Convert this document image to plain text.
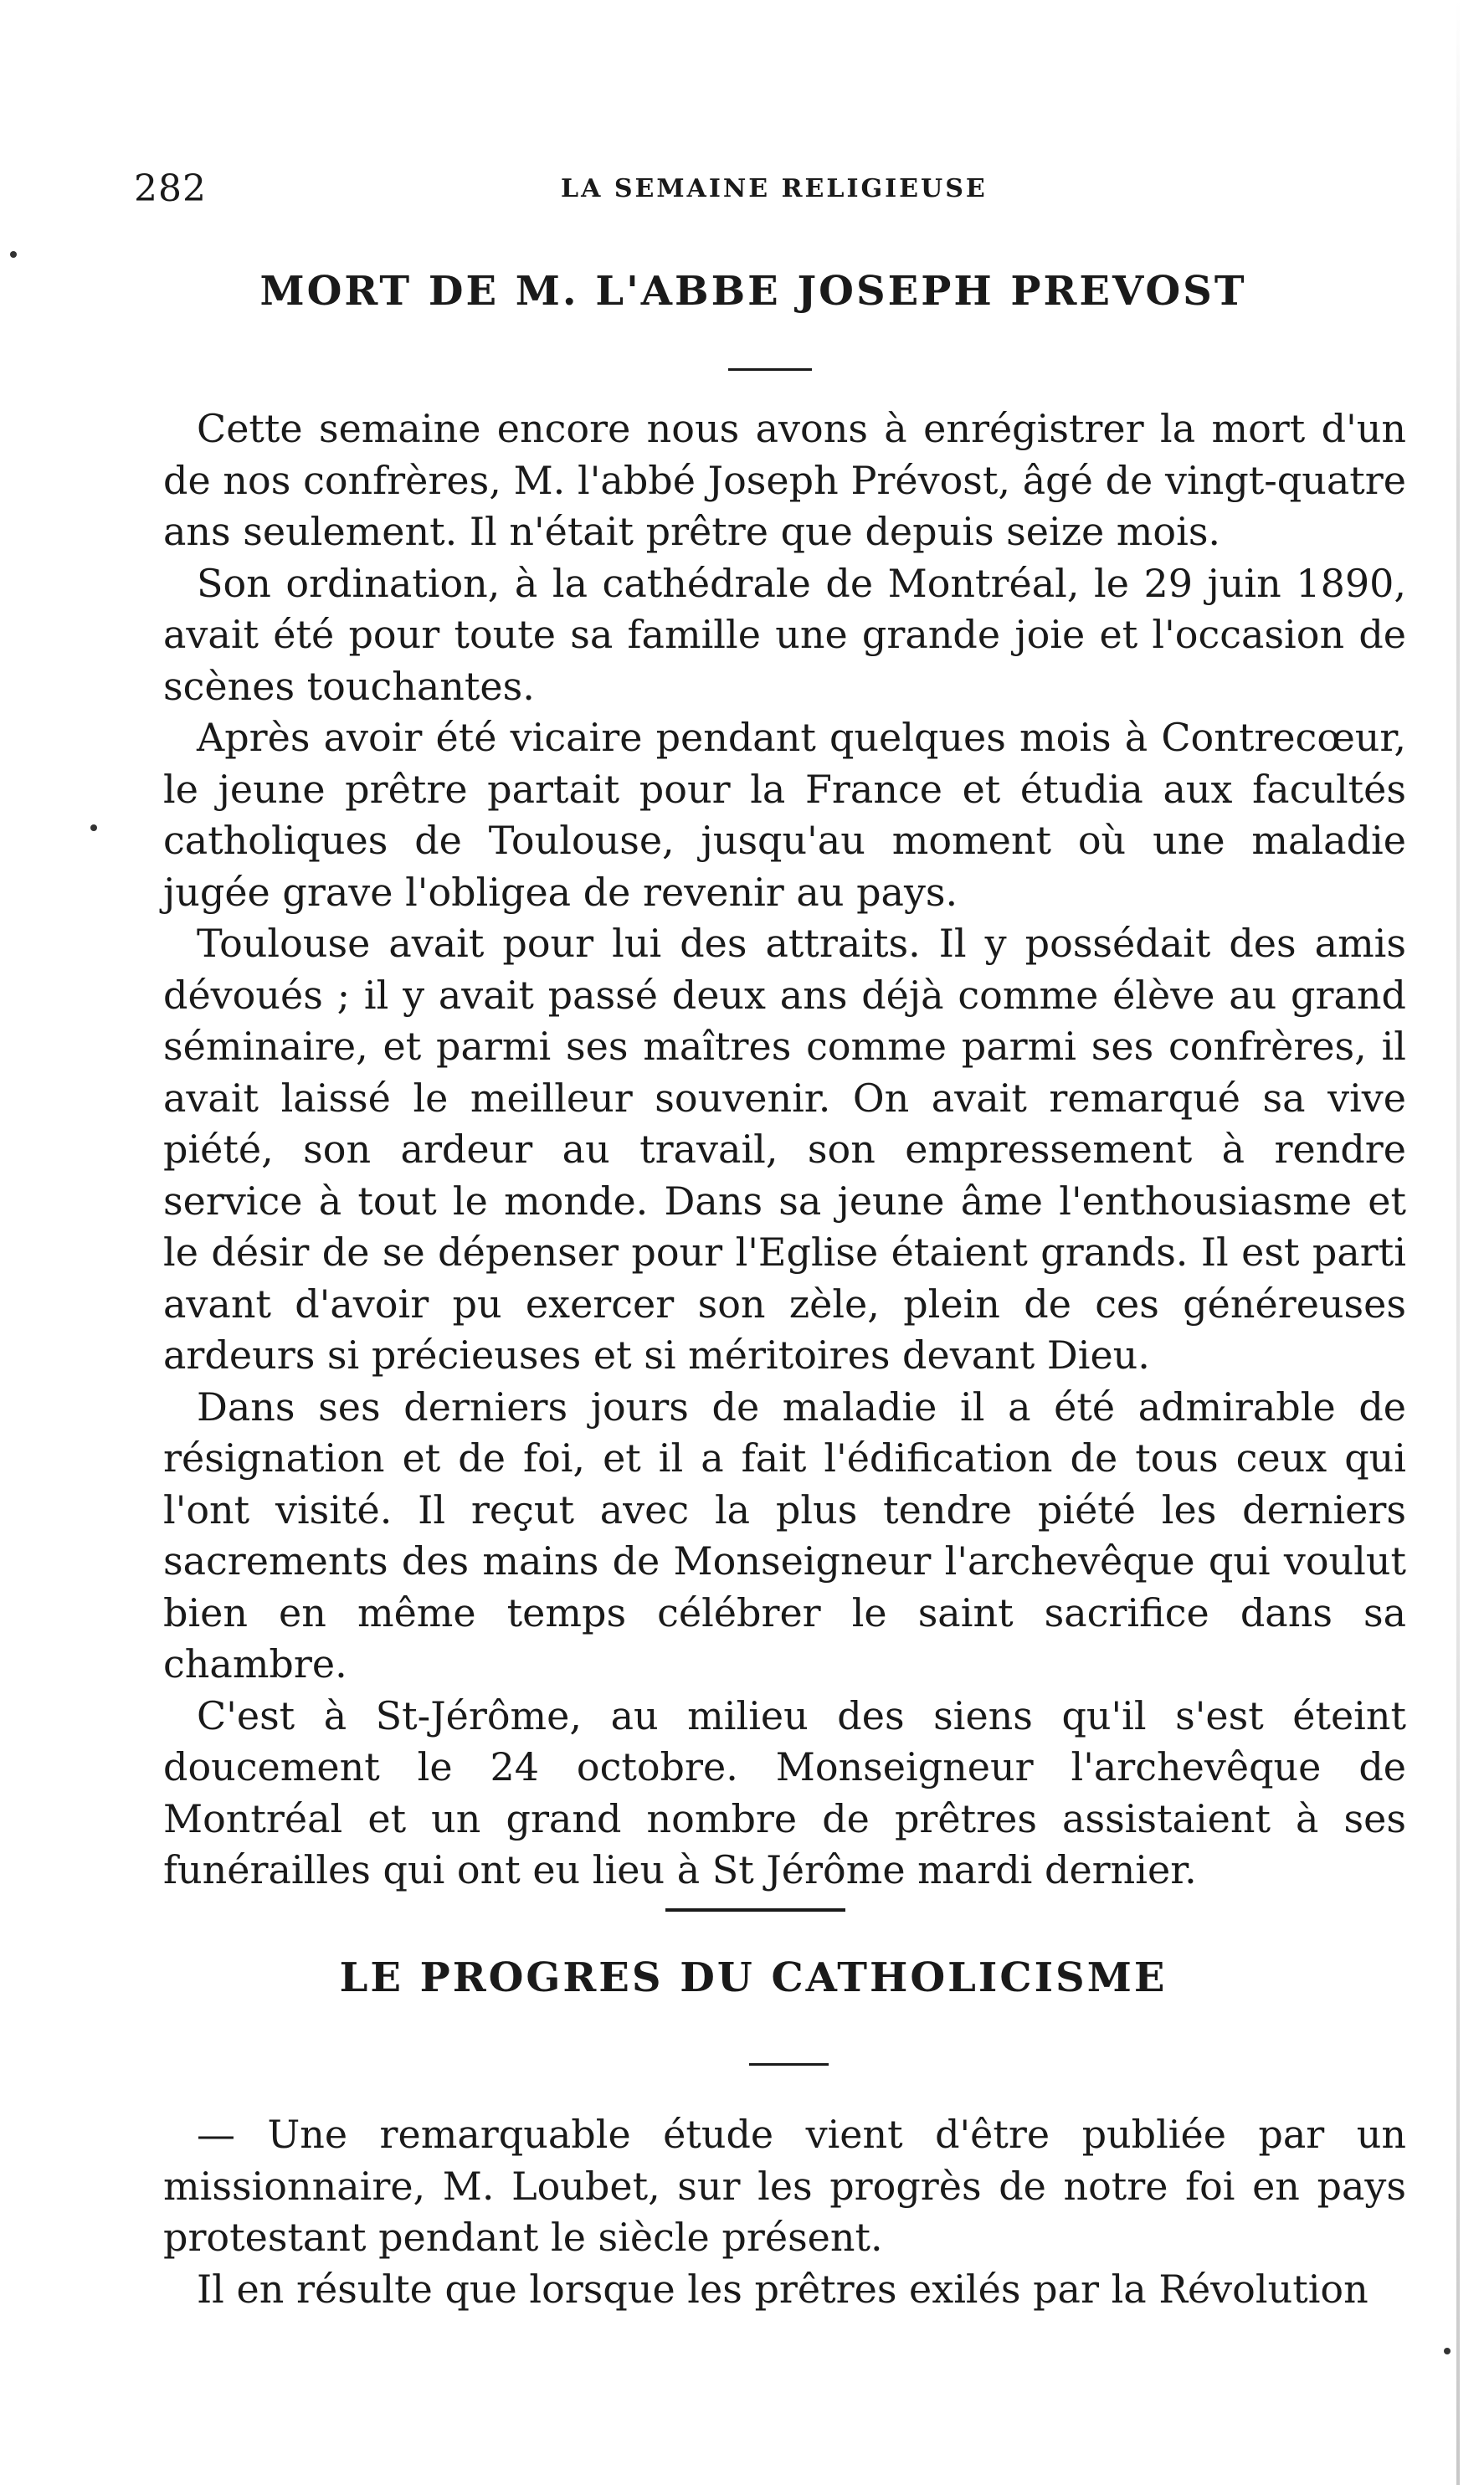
282	LA SEMAINE RELIGIEUSE
MORT DE M. L'ABBE JOSEPH PREVOST

Cette semaine encore nous avons à enrégistrer la mort d'un de nos confrères, M. l'abbé Joseph Prévost, âgé de vingt-quatre ans seulement. Il n'était prêtre que depuis seize mois.

Son ordination, à la cathédrale de Montréal, le 29 juin 1890, avait été pour toute sa famille une grande joie et l'occasion de scènes touchantes.

Après avoir été vicaire pendant quelques mois à Contrecœur, le jeune prêtre partait pour la France et étudia aux facultés catholiques de Toulouse, jusqu'au moment où une maladie jugée grave l'obligea de revenir au pays.

Toulouse avait pour lui des attraits. Il y possédait des amis dévoués ; il y avait passé deux ans déjà comme élève au grand séminaire, et parmi ses maîtres comme parmi ses confrères, il avait laissé le meilleur souvenir. On avait remarqué sa vive piété, son ardeur au travail, son empressement à rendre service à tout le monde. Dans sa jeune âme l'enthousiasme et le désir de se dépenser pour l'Eglise étaient grands. Il est parti avant d'avoir pu exercer son zèle, plein de ces généreuses ardeurs si précieuses et si méritoires devant Dieu.

Dans ses derniers jours de maladie il a été admirable de résignation et de foi, et il a fait l'édification de tous ceux qui l'ont visité. Il reçut avec la plus tendre piété les derniers sacrements des mains de Monseigneur l'archevêque qui voulut bien en même temps célébrer le saint sacrifice dans sa chambre.

C'est à St-Jérôme, au milieu des siens qu'il s'est éteint doucement le 24 octobre. Monseigneur l'archevêque de Montréal et un grand nombre de prêtres assistaient à ses funérailles qui ont eu lieu à St Jérôme mardi dernier.

LE PROGRES DU CATHOLICISME

— Une remarquable étude vient d'être publiée par un missionnaire, M. Loubet, sur les progrès de notre foi en pays protestant pendant le siècle présent.

Il en résulte que lorsque les prêtres exilés par la Révolution
